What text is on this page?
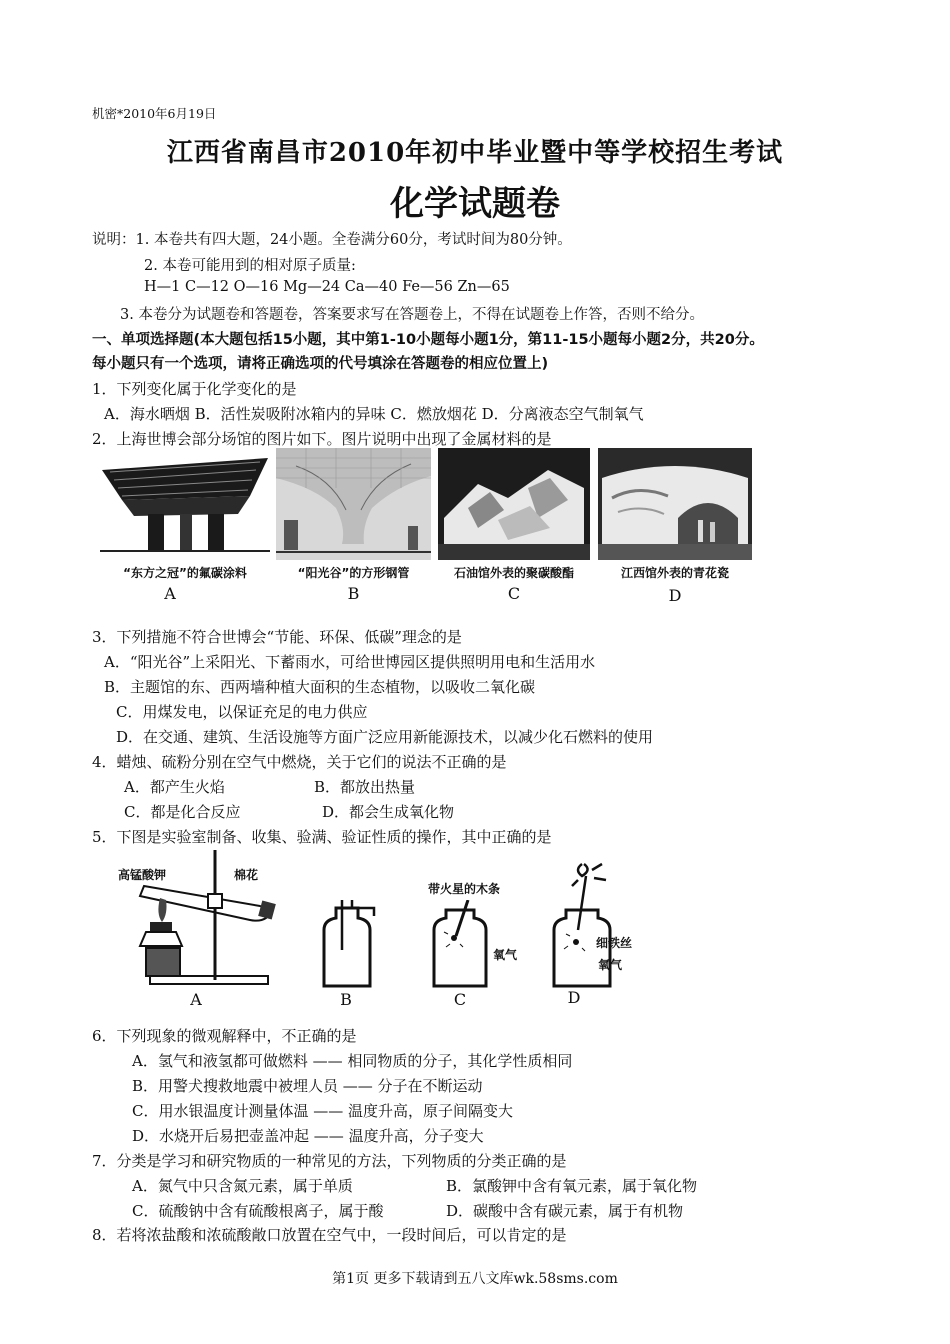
机密*2010年6月19日
江西省南昌市2010年初中毕业暨中等学校招生考试
化学试题卷
说明：1. 本卷共有四大题，24小题。全卷满分60分，考试时间为80分钟。
2. 本卷可能用到的相对原子质量:
H—1 C—12 O—16 Mg—24 Ca—40 Fe—56 Zn—65
3. 本卷分为试题卷和答题卷，答案要求写在答题卷上，不得在试题卷上作答，否则不给分。
一、单项选择题(本大题包括15小题，其中第1-10小题每小题1分，第11-15小题每小题2分，共20分。
每小题只有一个选项，请将正确选项的代号填涂在答题卷的相应位置上)
1．下列变化属于化学变化的是
A．海水晒烟 B．活性炭吸附冰箱内的异味 C．燃放烟花 D．分离液态空气制氧气
2．上海世博会部分场馆的图片如下。图片说明中出现了金属材料的是
“东方之冠”的氟碳涂料	“阳光谷”的方形钢管	石油馆外表的聚碳酸酯	江西馆外表的青花瓷
A	B	C	D
3．下列措施不符合世博会“节能、环保、低碳”理念的是
A．“阳光谷”上采阳光、下蓄雨水，可给世博园区提供照明用电和生活用水
B．主题馆的东、西两墙种植大面积的生态植物，以吸收二氧化碳
C．用煤发电，以保证充足的电力供应
D．在交通、建筑、生活设施等方面广泛应用新能源技术，以减少化石燃料的使用
4．蜡烛、硫粉分别在空气中燃烧，关于它们的说法不正确的是
A．都产生火焰	B．都放出热量
C．都是化合反应	D．都会生成氧化物
5．下图是实验室制备、收集、验满、验证性质的操作，其中正确的是
高锰酸钾	棉花
带火星的木条
氧气
细铁丝
氧气
A	B	C	D
6．下列现象的微观解释中，不正确的是
A．氢气和液氢都可做燃料 —— 相同物质的分子，其化学性质相同
B．用警犬搜救地震中被埋人员 —— 分子在不断运动
C．用水银温度计测量体温 —— 温度升高，原子间隔变大
D．水烧开后易把壶盖冲起 —— 温度升高，分子变大
7．分类是学习和研究物质的一种常见的方法，下列物质的分类正确的是
A．氮气中只含氮元素，属于单质	B．氯酸钾中含有氧元素，属于氧化物
C．硫酸钠中含有硫酸根离子，属于酸	D．碳酸中含有碳元素，属于有机物
8．若将浓盐酸和浓硫酸敞口放置在空气中，一段时间后，可以肯定的是
第1页 更多下载请到五八文库wk.58sms.com
